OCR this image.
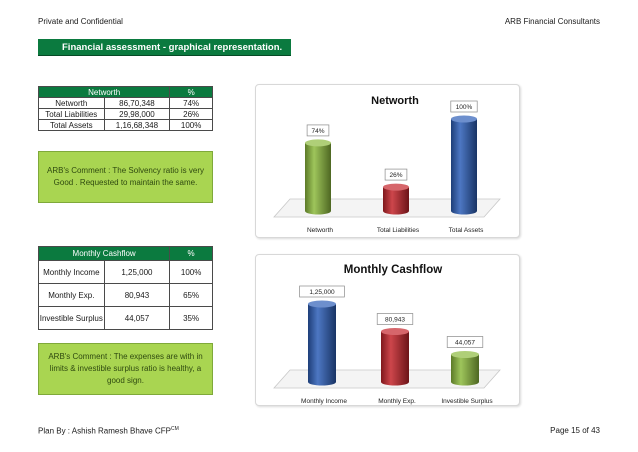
Private and Confidential	ARB Financial Consultants
Financial assessment - graphical representation.
Networth		%
Networth	86,70,348	74%
Total Liabilities	29,98,000	26%
Total Assets	1,16,68,348	100%
ARB's Comment : The Solvency ratio is very Good . Requested to maintain the same.
Monthly Cashflow		%
Monthly Income	1,25,000	100%
Monthly Exp.	80,943	65%
Investible Surplus	44,057	35%
ARB's Comment : The expenses are with in limits & investible surplus ratio is healthy, a good sign.
Networth
74%
Networth
26%
Total Liabilities
100%
Total Assets
Monthly Cashflow
1,25,000
Monthly Income
80,943
Monthly Exp.
44,057
Investible Surplus
Plan By : Ashish Ramesh Bhave $CFP^{CM}$	Page 15 of 43
